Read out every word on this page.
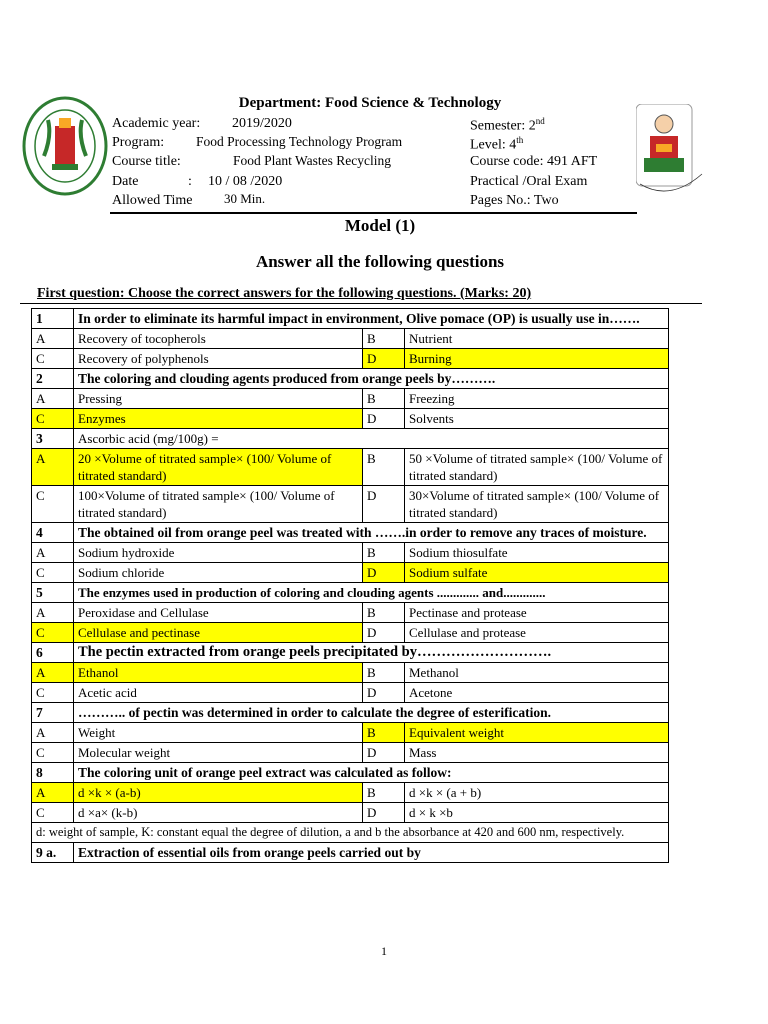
Department: Food Science & Technology
Academic year: 2019/2020
Program: Food Processing Technology Program
Course title:	Food Plant Wastes Recycling
Date	: 10 / 08 /2020
Allowed Time 30 Min.
Semester: 2nd
Level: 4th
Course code: 491 AFT
Practical /Oral Exam
Pages No.: Two
Model (1)
Answer all the following questions
First question: Choose the correct answers for the following questions. (Marks: 20)
1	In order to eliminate its harmful impact in environment, Olive pomace (OP) is usually use in…….		
A	Recovery of tocopherols	B	Nutrient
C	Recovery of polyphenols	D	Burning
2	The coloring and clouding agents produced from orange peels by……….		
A	Pressing	B	Freezing
C	Enzymes	D	Solvents
3	Ascorbic acid (mg/100g) =		
A	20 ×Volume of titrated sample× (100/ Volume of titrated standard)	B	50 ×Volume of titrated sample× (100/ Volume of titrated standard)
C	100×Volume of titrated sample× (100/ Volume of titrated standard)	D	30×Volume of titrated sample× (100/ Volume of titrated standard)
4	The obtained oil from orange peel was treated with …….in order to remove any traces of moisture.		
A	Sodium hydroxide	B	Sodium thiosulfate
C	Sodium chloride	D	Sodium sulfate
5	The enzymes used in production of coloring and clouding agents ............. and.............		
A	Peroxidase and Cellulase	B	Pectinase and protease
C	Cellulase and pectinase	D	Cellulase and protease
6	The pectin extracted from orange peels precipitated by……………………….		
A	Ethanol	B	Methanol
C	Acetic acid	D	Acetone
7	……….. of pectin was determined in order to calculate the degree of esterification.		
A	Weight	B	Equivalent weight
C	Molecular weight	D	Mass
8	The coloring unit of orange peel extract was calculated as follow:		
A	d ×k × (a-b)	B	d ×k × (a + b)
C	d ×a× (k-b)	D	d × k ×b
d: weight of sample, K: constant equal the degree of dilution, a and b the absorbance at 420 and 600 nm, respectively.			
9 a.	Extraction of essential oils from orange peels carried out by		
1
